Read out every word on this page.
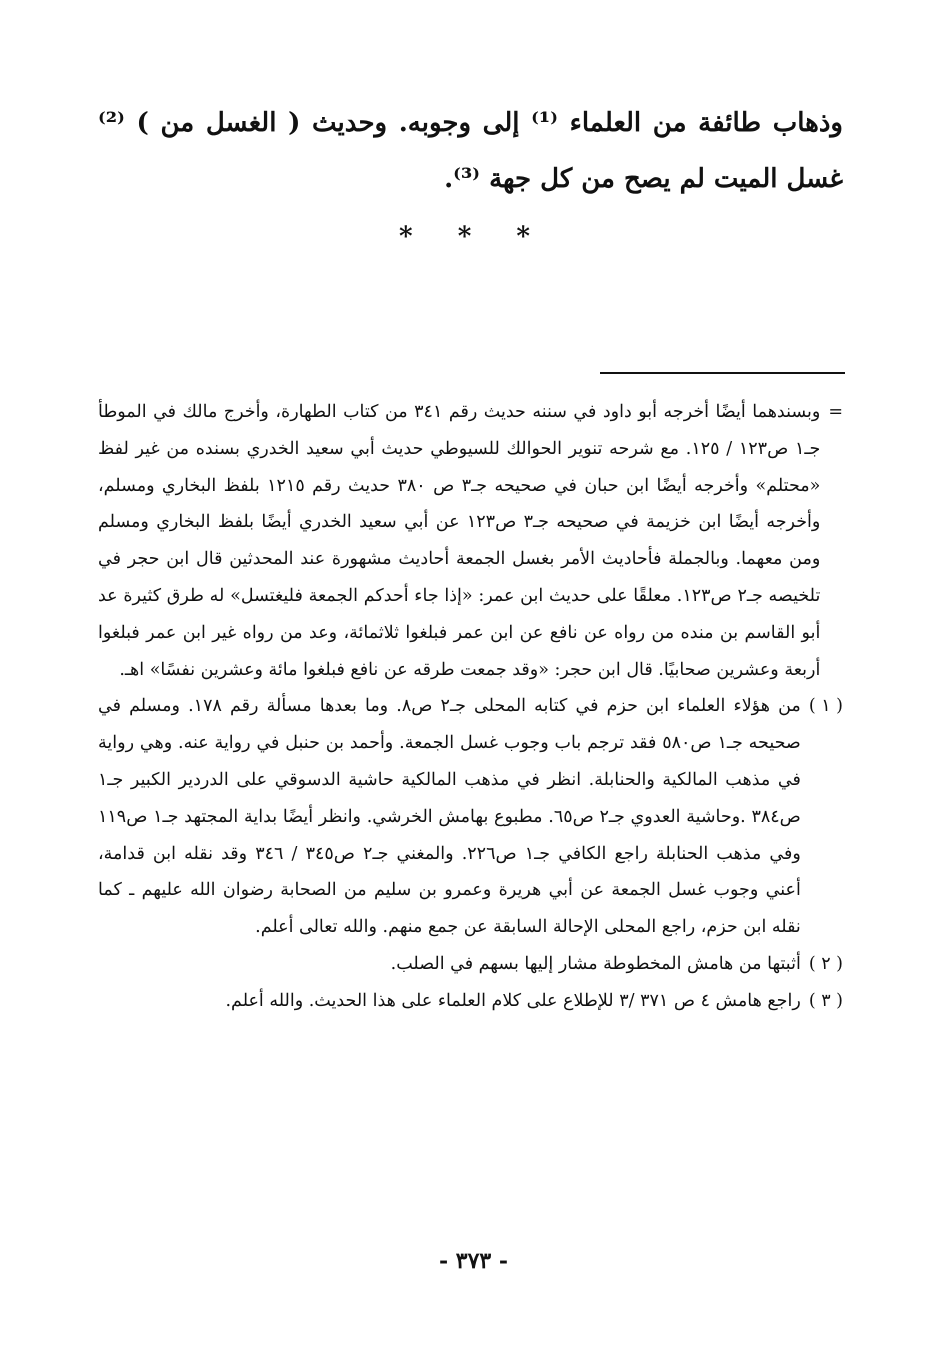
وذهاب طائفة من العلماء ⁽¹⁾ إلى وجوبه. وحديث ( الغسل من ) ⁽²⁾ غسل الميت لم يصح من كل جهة ⁽³⁾.

* * *
=
وبسندهما أيضًا أخرجه أبو داود في سننه حديث رقم ٣٤١ من كتاب الطهارة، وأخرج مالك في الموطأ جـ١ ص١٢٣ / ١٢٥. مع شرحه تنوير الحوالك للسيوطي حديث أبي سعيد الخدري بسنده من غير لفظ «محتلم» وأخرجه أيضًا ابن حبان في صحيحه جـ٣ ص ٣٨٠ حديث رقم ١٢١٥ بلفظ البخاري ومسلم، وأخرجه أيضًا ابن خزيمة في صحيحه جـ٣ ص١٢٣ عن أبي سعيد الخدري أيضًا بلفظ البخاري ومسلم ومن معهما. وبالجملة فأحاديث الأمر بغسل الجمعة أحاديث مشهورة عند المحدثين قال ابن حجر في تلخيصه جـ٢ ص١٢٣. معلقًا على حديث ابن عمر: «إذا جاء أحدكم الجمعة فليغتسل» له طرق كثيرة عد أبو القاسم بن منده من رواه عن نافع عن ابن عمر فبلغوا ثلاثمائة، وعد من رواه غير ابن عمر فبلغوا أربعة وعشرين صحابيًا. قال ابن حجر: «وقد جمعت طرقه عن نافع فبلغوا مائة وعشرين نفسًا» اهـ.
( ١ )
من هؤلاء العلماء ابن حزم في كتابه المحلى جـ٢ ص٨. وما بعدها مسألة رقم ١٧٨. ومسلم في صحيحه جـ١ ص٥٨٠ فقد ترجم باب وجوب غسل الجمعة. وأحمد بن حنبل في رواية عنه. وهي رواية في مذهب المالكية والحنابلة. انظر في مذهب المالكية حاشية الدسوقي على الدردير الكبير جـ١ ص٣٨٤ .وحاشية العدوي جـ٢ ص٦٥. مطبوع بهامش الخرشي. وانظر أيضًا بداية المجتهد جـ١ ص١١٩ وفي مذهب الحنابلة راجع الكافي جـ١ ص٢٢٦. والمغني جـ٢ ص٣٤٥ / ٣٤٦ وقد نقله ابن قدامة، أعني وجوب غسل الجمعة عن أبي هريرة وعمرو بن سليم من الصحابة رضوان الله عليهم ـ كما نقله ابن حزم، راجع المحلى الإحالة السابقة عن جمع منهم. والله تعالى أعلم.
( ٢ )
أثبتها من هامش المخطوطة مشار إليها بسهم في الصلب.
( ٣ )
راجع هامش ٤ ص ٣٧١ /٣ للإطلاع على كلام العلماء على هذا الحديث. والله أعلم.
- ٣٧٣ -
